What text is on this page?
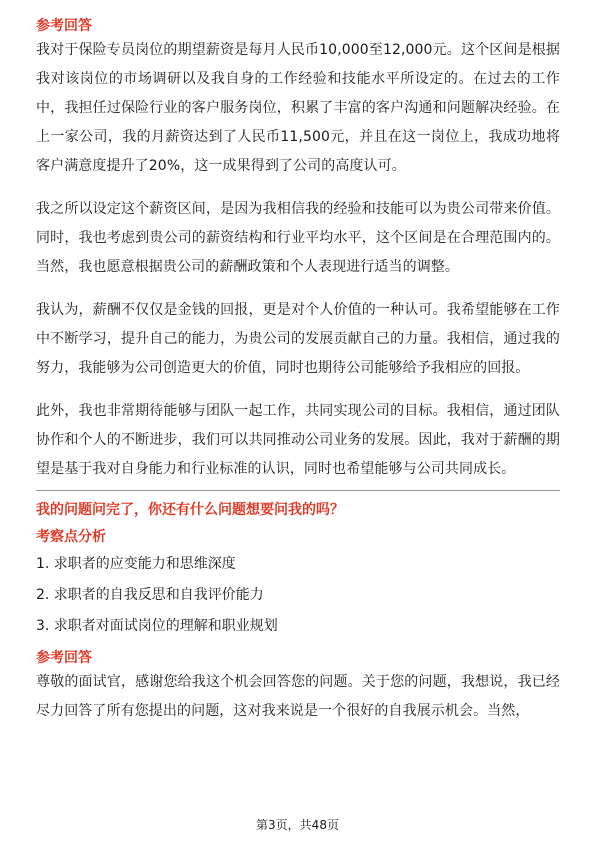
参考回答

我对于保险专员岗位的期望薪资是每月人民币10,000至12,000元。这个区间是根据我对该岗位的市场调研以及我自身的工作经验和技能水平所设定的。在过去的工作中，我担任过保险行业的客户服务岗位，积累了丰富的客户沟通和问题解决经验。在上一家公司，我的月薪资达到了人民币11,500元，并且在这一岗位上，我成功地将客户满意度提升了20%，这一成果得到了公司的高度认可。

我之所以设定这个薪资区间，是因为我相信我的经验和技能可以为贵公司带来价值。同时，我也考虑到贵公司的薪资结构和行业平均水平，这个区间是在合理范围内的。当然，我也愿意根据贵公司的薪酬政策和个人表现进行适当的调整。

我认为，薪酬不仅仅是金钱的回报，更是对个人价值的一种认可。我希望能够在工作中不断学习，提升自己的能力，为贵公司的发展贡献自己的力量。我相信，通过我的努力，我能够为公司创造更大的价值，同时也期待公司能够给予我相应的回报。

此外，我也非常期待能够与团队一起工作，共同实现公司的目标。我相信，通过团队协作和个人的不断进步，我们可以共同推动公司业务的发展。因此，我对于薪酬的期望是基于我对自身能力和行业标准的认识，同时也希望能够与公司共同成长。

我的问题问完了，你还有什么问题想要问我的吗？

考察点分析

1. 求职者的应变能力和思维深度
2. 求职者的自我反思和自我评价能力
3. 求职者对面试岗位的理解和职业规划

参考回答

尊敬的面试官，感谢您给我这个机会回答您的问题。关于您的问题，我想说，我已经尽力回答了所有您提出的问题，这对我来说是一个很好的自我展示机会。当然，

第3页，共48页
